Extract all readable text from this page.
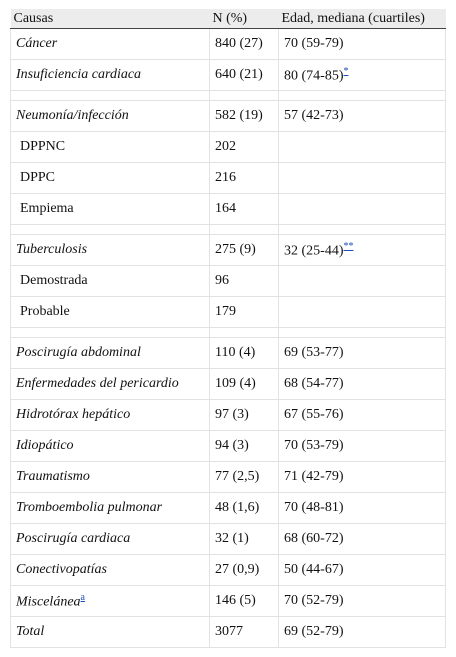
Causas	N (%)	Edad, mediana (cuartiles)
Cáncer	840 (27)	70 (59-79)
Insuficiencia cardiaca	640 (21)	80 (74-85)*

Neumonía/infección	582 (19)	57 (42-73)
DPPNC	202	
DPPC	216	
Empiema	164	

Tuberculosis	275 (9)	32 (25-44)**
Demostrada	96	
Probable	179	

Poscirugía abdominal	110 (4)	69 (53-77)
Enfermedades del pericardio	109 (4)	68 (54-77)
Hidrotórax hepático	97 (3)	67 (55-76)
Idiopático	94 (3)	70 (53-79)
Traumatismo	77 (2,5)	71 (42-79)
Tromboembolia pulmonar	48 (1,6)	70 (48-81)
Poscirugía cardiaca	32 (1)	68 (60-72)
Conectivopatías	27 (0,9)	50 (44-67)
Miscelánea$^a$	146 (5)	70 (52-79)
Total	3077	69 (52-79)
